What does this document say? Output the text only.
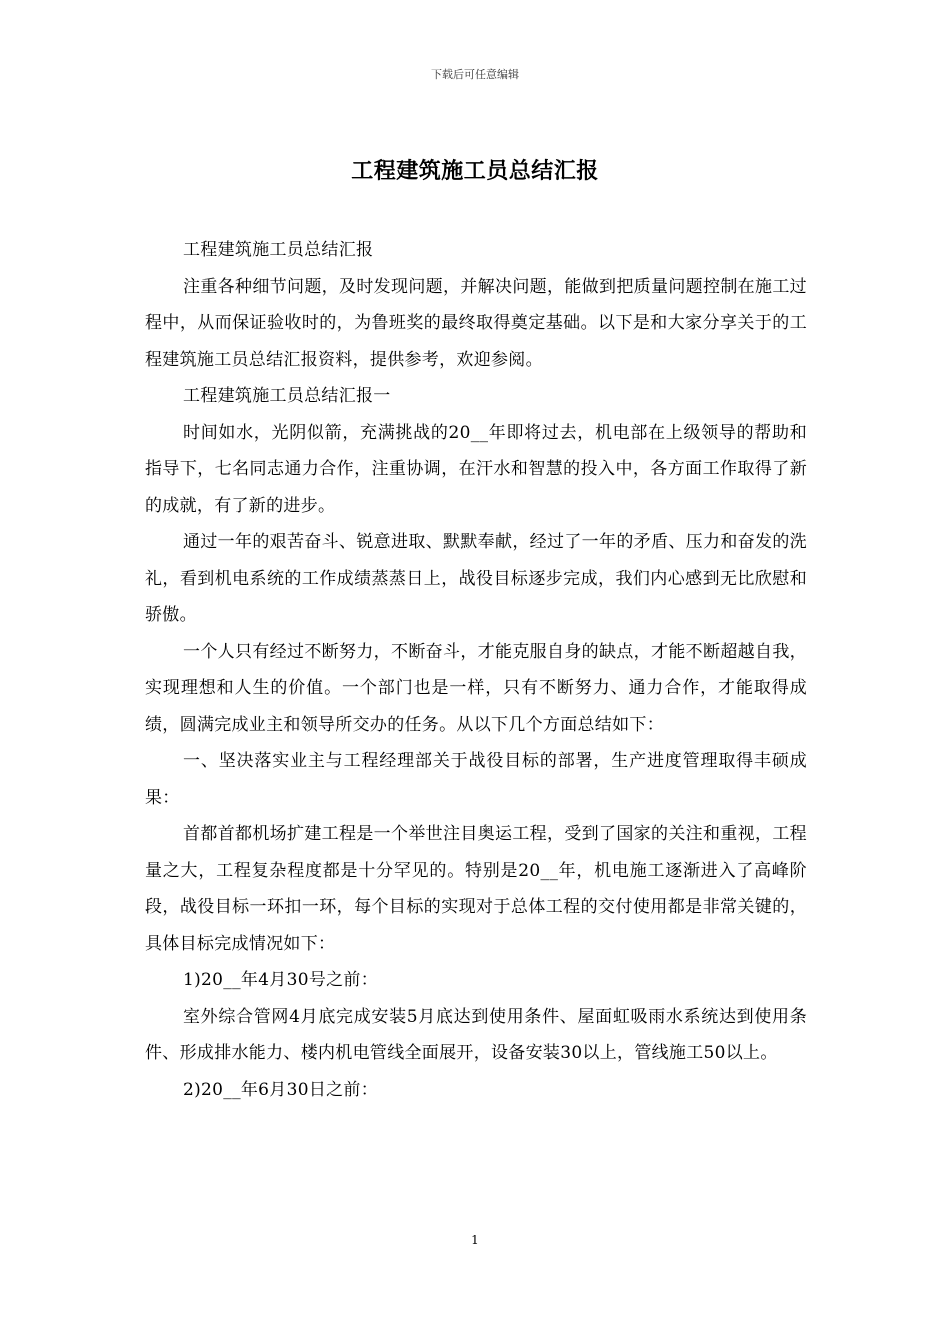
下载后可任意编辑
工程建筑施工员总结汇报

工程建筑施工员总结汇报

注重各种细节问题，及时发现问题，并解决问题，能做到把质量问题控制在施工过程中，从而保证验收时的，为鲁班奖的最终取得奠定基础。以下是和大家分享关于的工程建筑施工员总结汇报资料，提供参考，欢迎参阅。

工程建筑施工员总结汇报一

时间如水，光阴似箭，充满挑战的20__年即将过去，机电部在上级领导的帮助和指导下，七名同志通力合作，注重协调，在汗水和智慧的投入中，各方面工作取得了新的成就，有了新的进步。

通过一年的艰苦奋斗、锐意进取、默默奉献，经过了一年的矛盾、压力和奋发的洗礼，看到机电系统的工作成绩蒸蒸日上，战役目标逐步完成，我们内心感到无比欣慰和骄傲。

一个人只有经过不断努力，不断奋斗，才能克服自身的缺点，才能不断超越自我，实现理想和人生的价值。一个部门也是一样，只有不断努力、通力合作，才能取得成绩，圆满完成业主和领导所交办的任务。从以下几个方面总结如下：

一、坚决落实业主与工程经理部关于战役目标的部署，生产进度管理取得丰硕成果：

首都首都机场扩建工程是一个举世注目奥运工程，受到了国家的关注和重视，工程量之大，工程复杂程度都是十分罕见的。特别是20__年，机电施工逐渐进入了高峰阶段，战役目标一环扣一环，每个目标的实现对于总体工程的交付使用都是非常关键的，具体目标完成情况如下：

1)20__年4月30号之前：

室外综合管网4月底完成安装5月底达到使用条件、屋面虹吸雨水系统达到使用条件、形成排水能力、楼内机电管线全面展开，设备安装30以上，管线施工50以上。

2)20__年6月30日之前：

1
